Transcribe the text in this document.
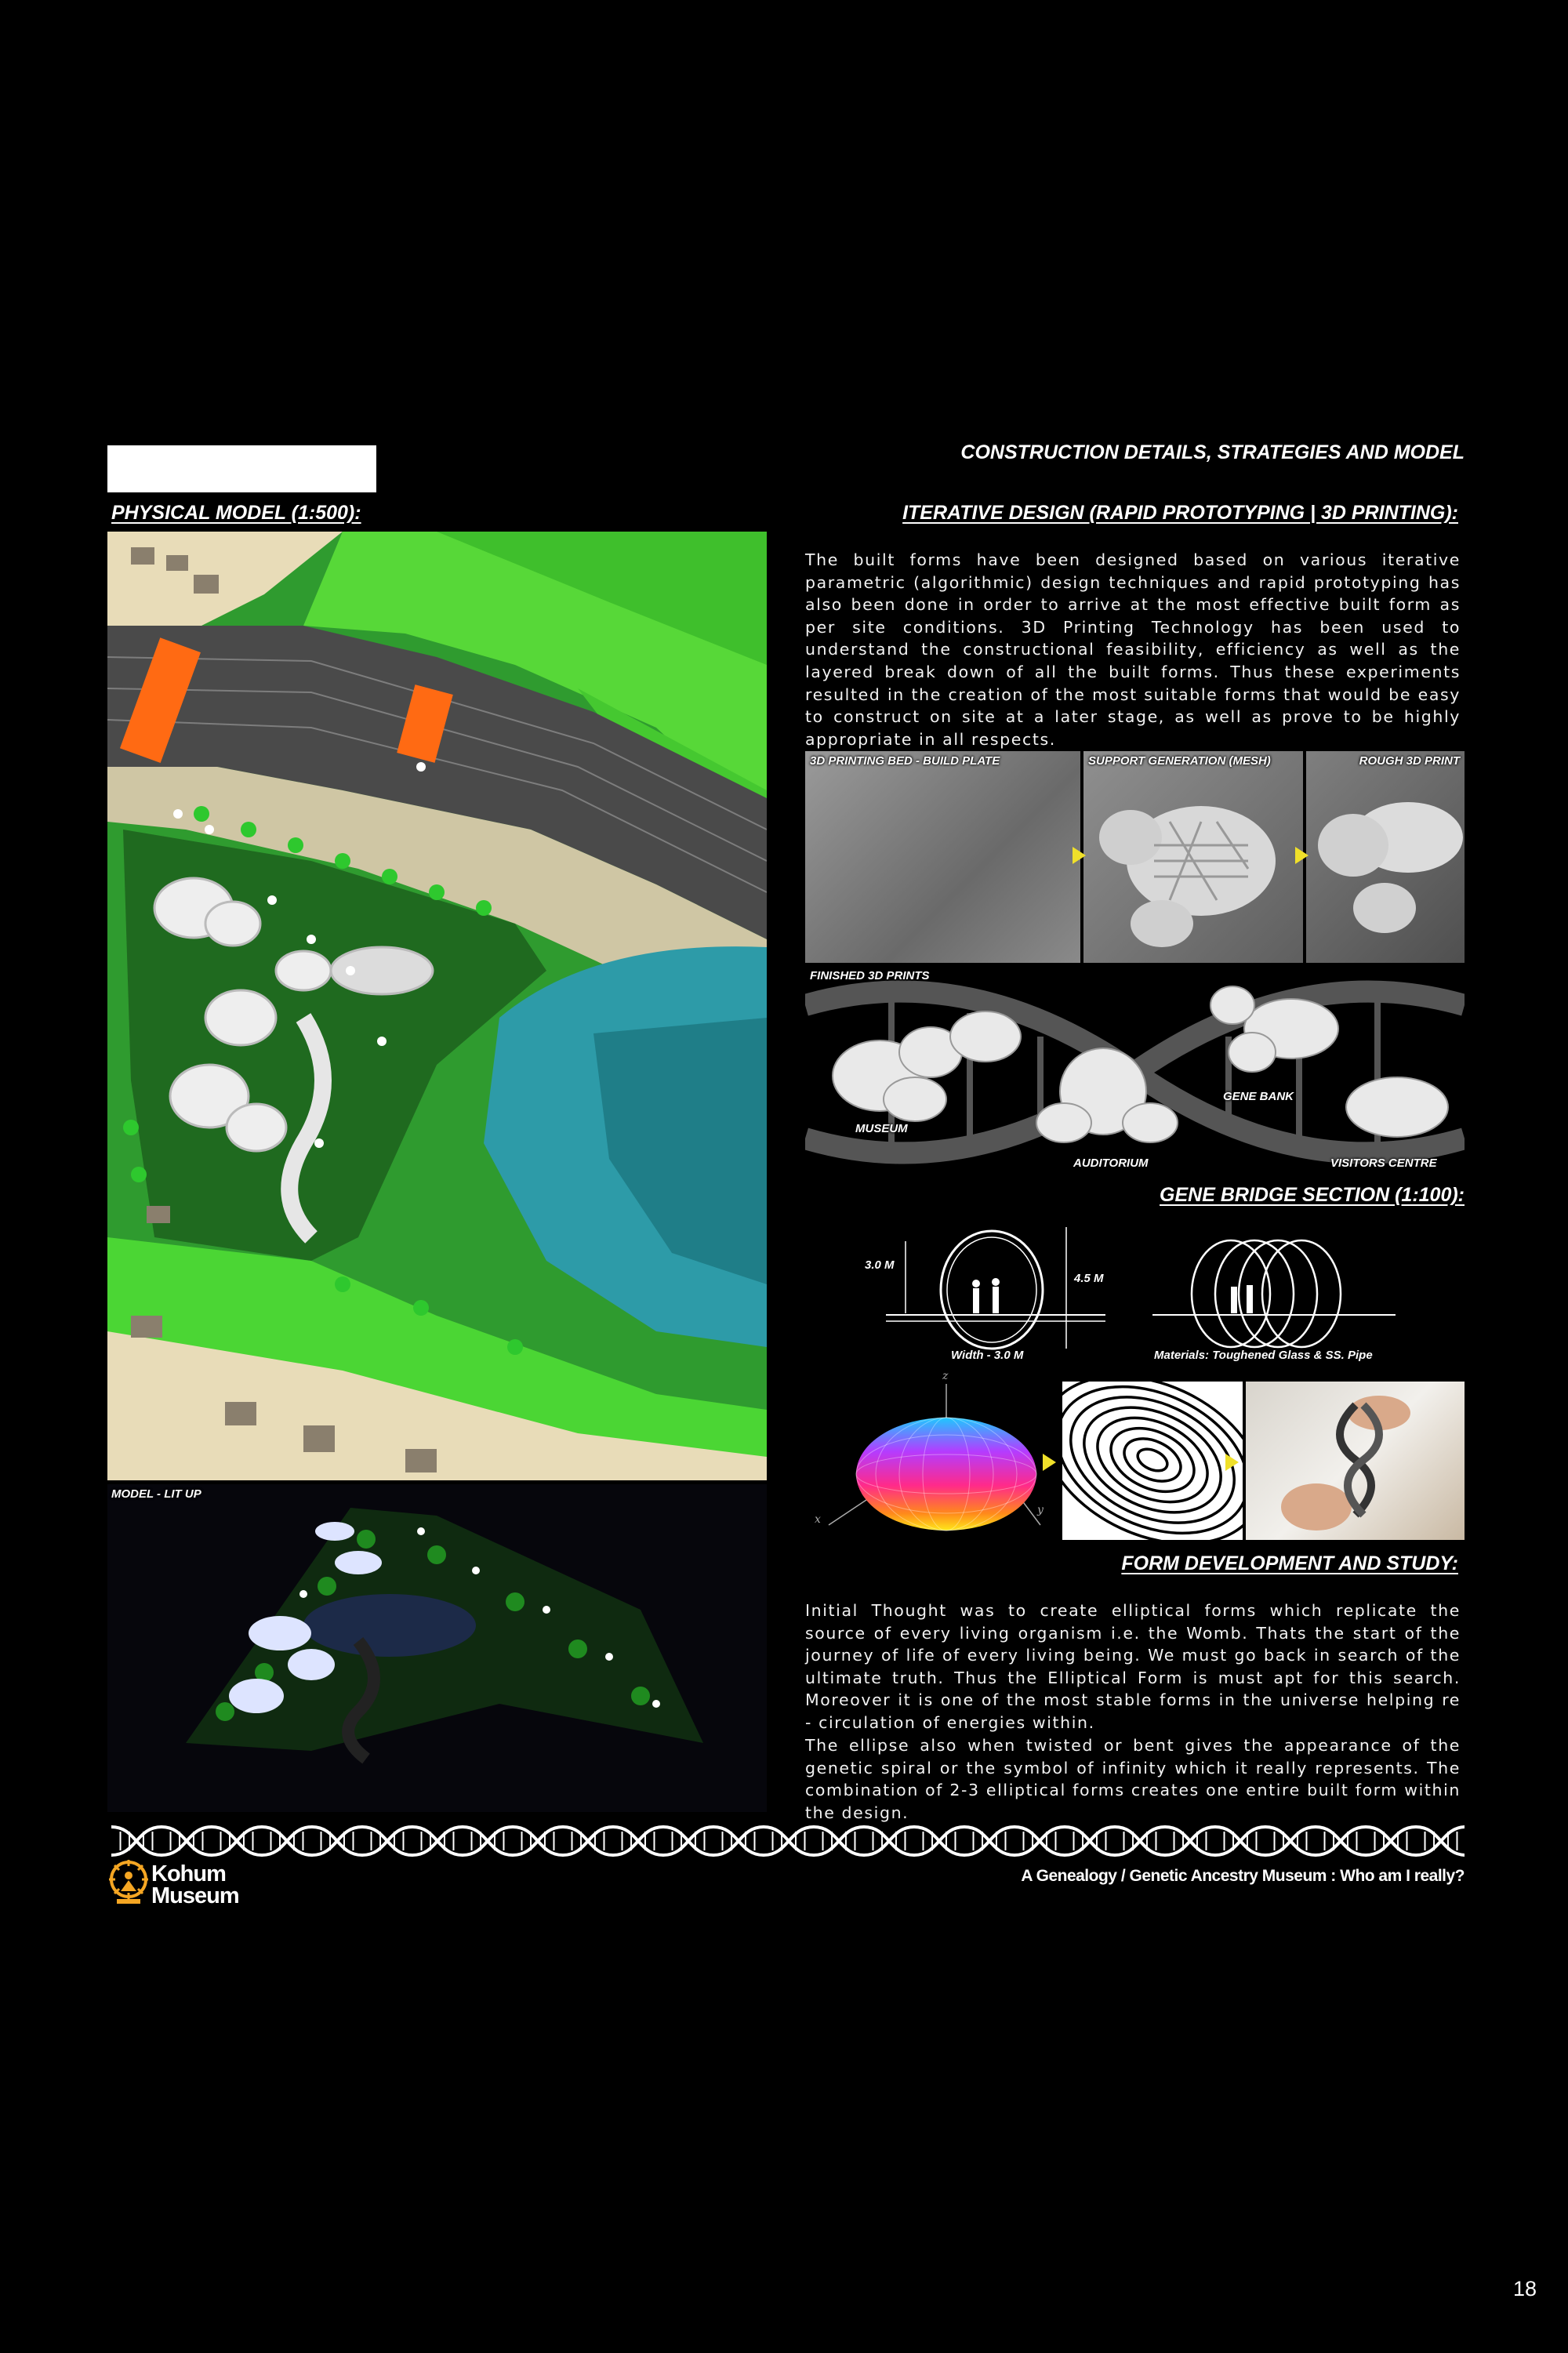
CONSTRUCTION DETAILS, STRATEGIES AND MODEL
PHYSICAL MODEL (1:500):
MODEL - LIT UP
ITERATIVE DESIGN (RAPID PROTOTYPING | 3D PRINTING):

The built forms have been designed based on various iterative parametric (algorithmic) design techniques and rapid prototyping has also been done in order to arrive at the most effective built form as per site conditions. 3D Printing Technology has been used to understand the constructional feasibility, efficiency as well as the layered break down of all the built forms. Thus these experiments resulted in the creation of the most suitable forms that would be easy to construct on site at a later stage, as well as prove to be highly appropriate in all respects.

3D PRINTING BED - BUILD PLATE	SUPPORT GENERATION (MESH)	ROUGH 3D PRINT
FINISHED 3D PRINTS
MUSEUM
AUDITORIUM
GENE BANK
VISITORS CENTRE
GENE BRIDGE SECTION (1:100):
3.0 M
4.5 M
Width - 3.0 M	Materials: Toughened Glass & SS. Pipe
z
x
y
FORM DEVELOPMENT AND STUDY:

Initial Thought was to create elliptical forms which replicate the source of every living organism i.e. the Womb. Thats the start of the journey of life of every living being. We must go back in search of the ultimate truth. Thus the Elliptical Form is must apt for this search. Moreover it is one of the most stable forms in the universe helping re - circulation of energies within.

The ellipse also when twisted or bent gives the appearance of the genetic spiral or the symbol of infinity which it really represents. The combination of 2-3 elliptical forms creates one entire built form within the design.

Kohum
Museum
A Genealogy / Genetic Ancestry Museum : Who am I really?
18
